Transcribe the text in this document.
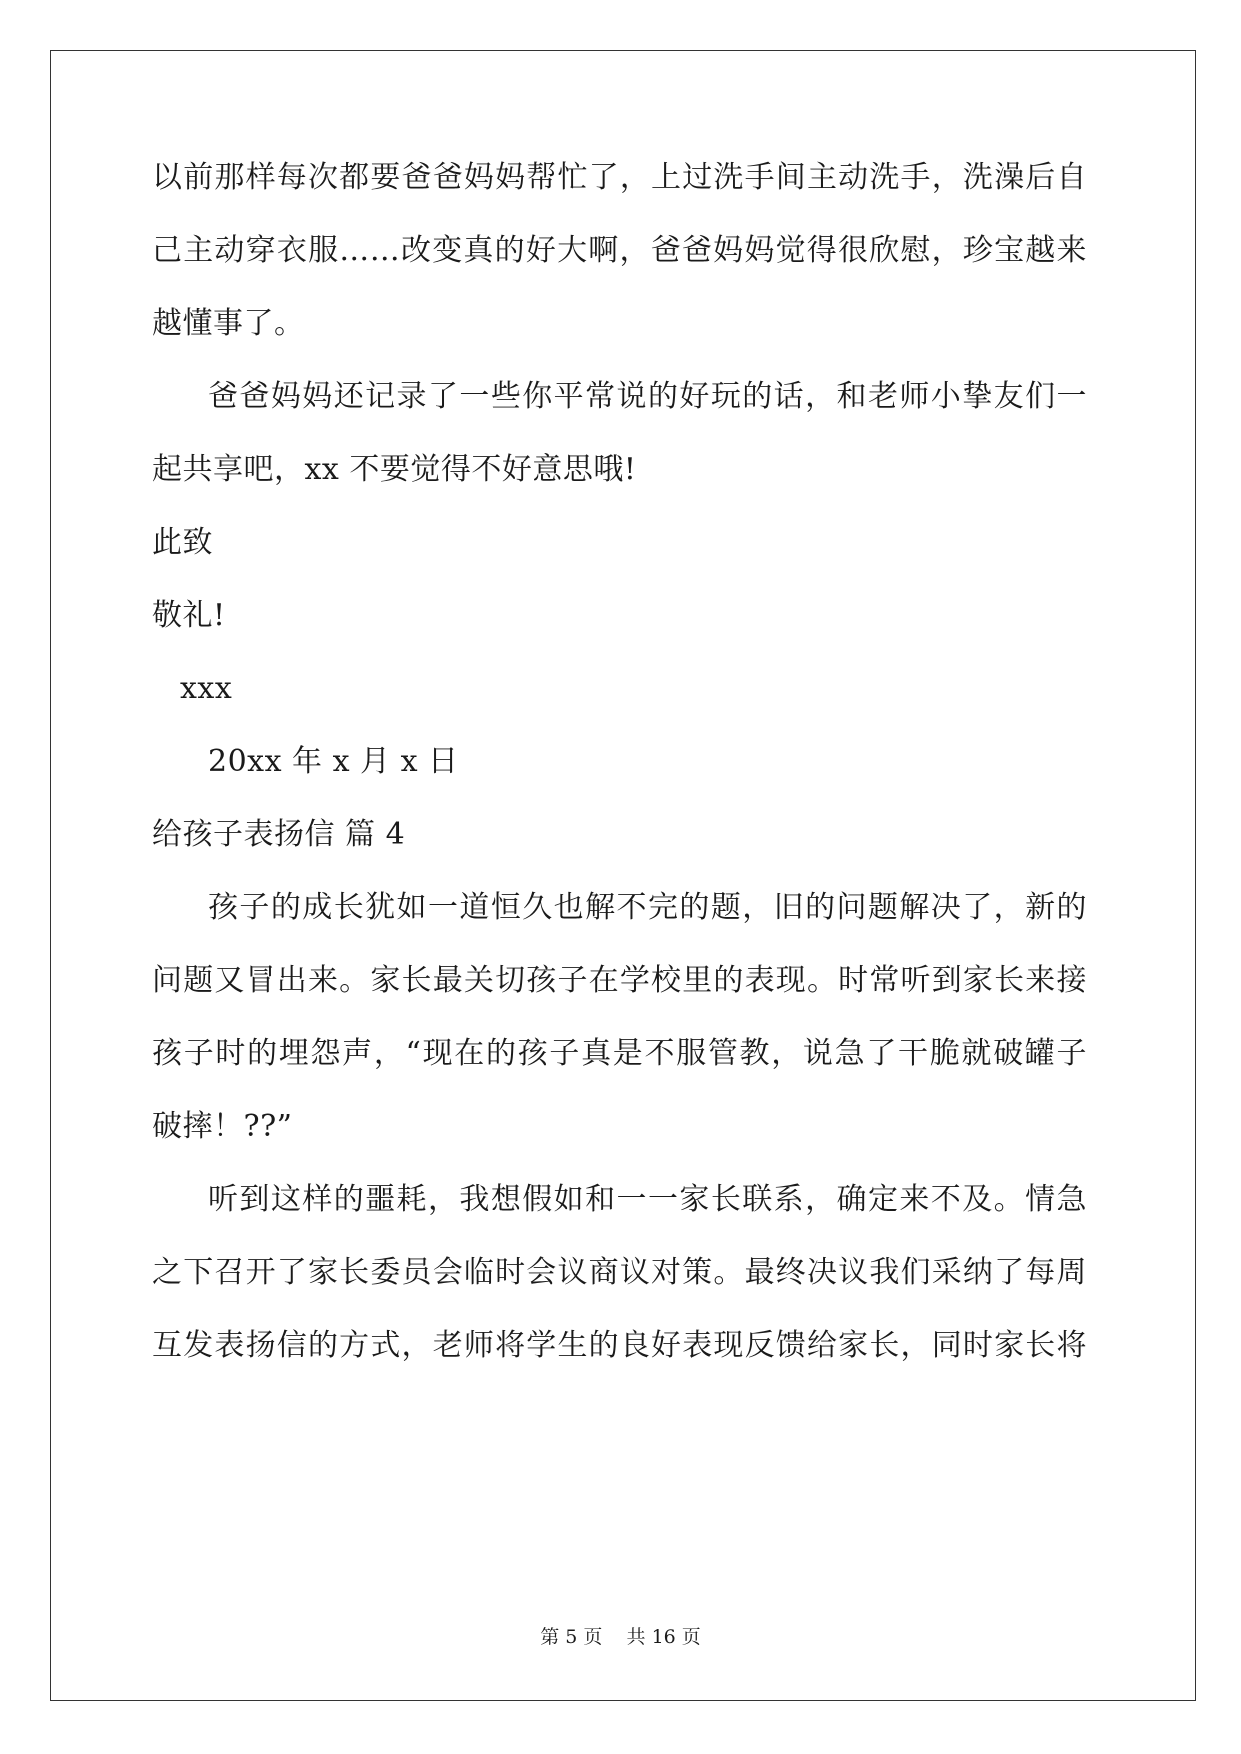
以前那样每次都要爸爸妈妈帮忙了，上过洗手间主动洗手，洗澡后自
己主动穿衣服……改变真的好大啊，爸爸妈妈觉得很欣慰，珍宝越来
越懂事了。
爸爸妈妈还记录了一些你平常说的好玩的话，和老师小挚友们一
起共享吧，xx 不要觉得不好意思哦!
此致
敬礼!
xxx
20xx 年 x 月 x 日
给孩子表扬信 篇 4
孩子的成长犹如一道恒久也解不完的题，旧的问题解决了，新的
问题又冒出来。家长最关切孩子在学校里的表现。时常听到家长来接
孩子时的埋怨声，“现在的孩子真是不服管教，说急了干脆就破罐子
破摔！??”
听到这样的噩耗，我想假如和一一家长联系，确定来不及。情急
之下召开了家长委员会临时会议商议对策。最终决议我们采纳了每周
互发表扬信的方式，老师将学生的良好表现反馈给家长，同时家长将
第 5 页    共 16 页
